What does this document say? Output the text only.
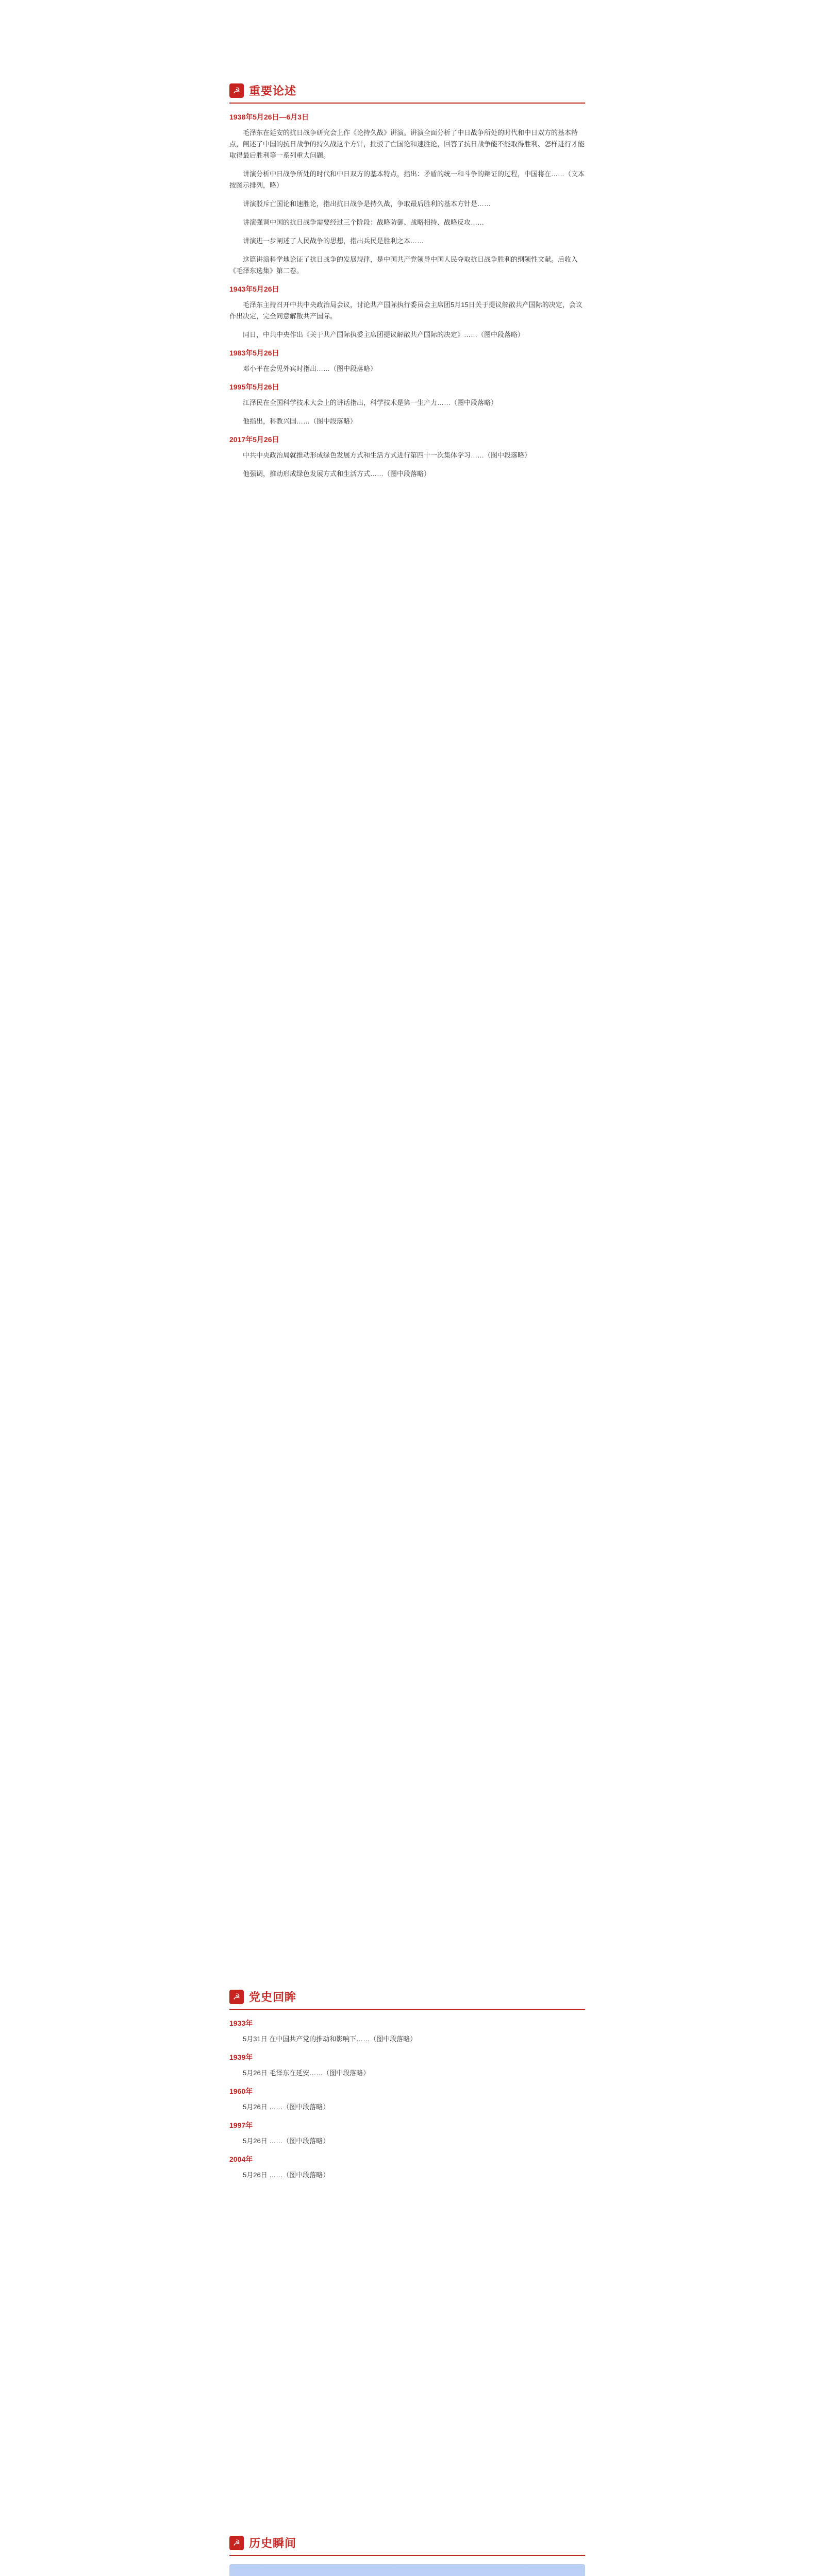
☭ 重要论述
1938年5月26日—6月3日

毛泽东在延安的抗日战争研究会上作《论持久战》讲演。讲演全面分析了中日战争所处的时代和中日双方的基本特点，阐述了中国的抗日战争的持久战这个方针，批驳了亡国论和速胜论，回答了抗日战争能不能取得胜利、怎样进行才能取得最后胜利等一系列重大问题。

讲演分析中日战争所处的时代和中日双方的基本特点，指出：矛盾的统一和斗争的辩证的过程，中国将在……（文本按图示排列，略）

讲演驳斥亡国论和速胜论，指出抗日战争是持久战，争取最后胜利的基本方针是……

讲演强调中国的抗日战争需要经过三个阶段：战略防御、战略相持、战略反攻……

讲演进一步阐述了人民战争的思想，指出兵民是胜利之本……

这篇讲演科学地论证了抗日战争的发展规律，是中国共产党领导中国人民夺取抗日战争胜利的纲领性文献。后收入《毛泽东选集》第二卷。

1943年5月26日

毛泽东主持召开中共中央政治局会议，讨论共产国际执行委员会主席团5月15日关于提议解散共产国际的决定，会议作出决定，完全同意解散共产国际。

同日，中共中央作出《关于共产国际执委主席团提议解散共产国际的决定》……（图中段落略）

1983年5月26日

邓小平在会见外宾时指出……（图中段落略）

1995年5月26日

江泽民在全国科学技术大会上的讲话指出，科学技术是第一生产力……（图中段落略）

他指出，科教兴国……（图中段落略）

2017年5月26日

中共中央政治局就推动形成绿色发展方式和生活方式进行第四十一次集体学习……（图中段落略）

他强调，推动形成绿色发展方式和生活方式……（图中段落略）

☭ 党史回眸
1933年

5月31日 在中国共产党的推动和影响下……（图中段落略）

1939年

5月26日 毛泽东在延安……（图中段落略）

1960年

5月26日 ……（图中段落略）

1997年

5月26日 ……（图中段落略）

2004年

5月26日 ……（图中段落略）

☭ 历史瞬间
